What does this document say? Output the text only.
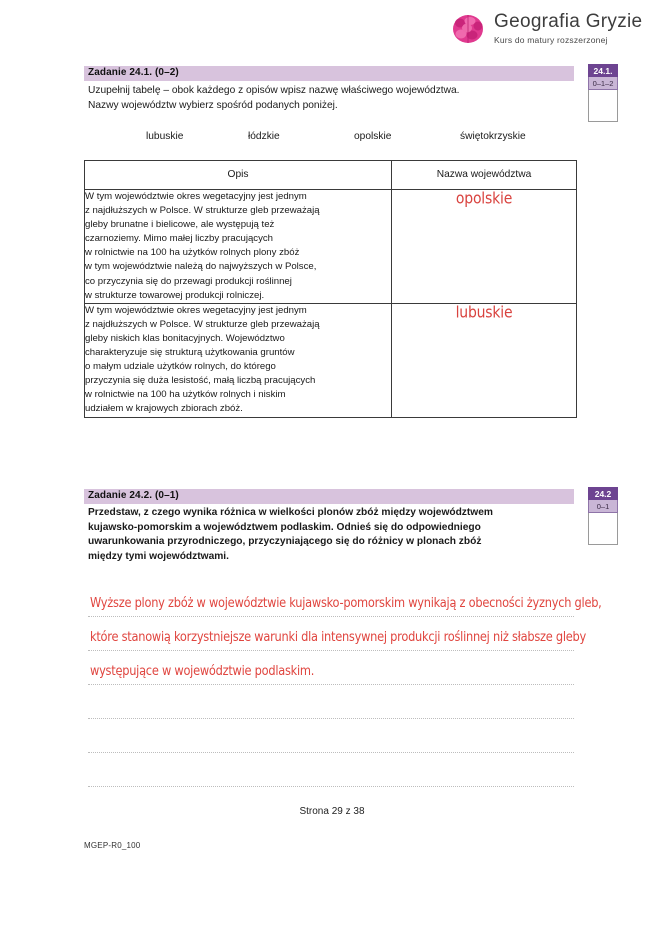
Geografia Gryzie
Kurs do matury rozszerzonej
Zadanie 24.1. (0–2)
Uzupełnij tabelę – obok każdego z opisów wpisz nazwę właściwego województwa.
Nazwy województw wybierz spośród podanych poniżej.
lubuskie	łódzkie	opolskie	świętokrzyskie
24.1.
0–1–2
Opis	Nazwa województwa

W tym województwie okres wegetacyjny jest jednym
z najdłuższych w Polsce. W strukturze gleb przeważają
gleby brunatne i bielicowe, ale występują też
czarnoziemy. Mimo małej liczby pracujących
w rolnictwie na 100 ha użytków rolnych plony zbóż
w tym województwie należą do najwyższych w Polsce,
co przyczynia się do przewagi produkcji roślinnej
w strukturze towarowej produkcji rolniczej.
	opolskie

W tym województwie okres wegetacyjny jest jednym
z najdłuższych w Polsce. W strukturze gleb przeważają
gleby niskich klas bonitacyjnych. Województwo
charakteryzuje się strukturą użytkowania gruntów
o małym udziale użytków rolnych, do którego
przyczynia się duża lesistość, małą liczbą pracujących
w rolnictwie na 100 ha użytków rolnych i niskim
udziałem w krajowych zbiorach zbóż.
	lubuskie
Zadanie 24.2. (0–1)
Przedstaw, z czego wynika różnica w wielkości plonów zbóż między województwem
kujawsko-pomorskim a województwem podlaskim. Odnieś się do odpowiedniego
uwarunkowania przyrodniczego, przyczyniającego się do różnicy w plonach zbóż
między tymi województwami.
24.2
0–1
Wyższe plony zbóż w województwie kujawsko-pomorskim wynikają z obecności żyznych gleb,
które stanowią korzystniejsze warunki dla intensywnej produkcji roślinnej niż słabsze gleby
występujące w województwie podlaskim.
Strona 29 z 38
MGEP-R0_100
